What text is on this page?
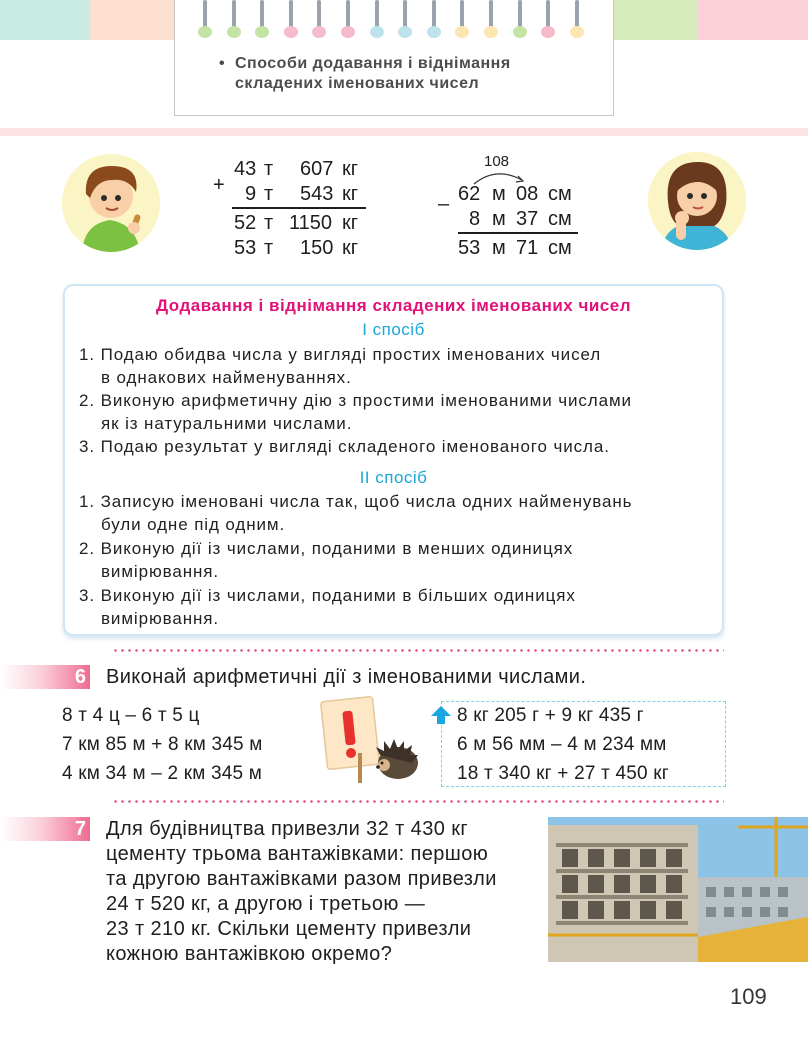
• Способи додавання і віднімання
складених іменованих чисел
+
43 т 607 кг
9 т 543 кг
52 т 1150 кг
53 т 150 кг
–
108
62 м 08 см
8 м 37 см
53 м 71 см
Додавання і віднімання складених іменованих чисел
І спосіб
1. Подаю обидва числа у вигляді простих іменованих чисел
в однакових найменуваннях.
2. Виконую арифметичну дію з простими іменованими числами
як із натуральними числами.
3. Подаю результат у вигляді складеного іменованого числа.
ІІ спосіб
1. Записую іменовані числа так, щоб числа одних найменувань
були одне під одним.
2. Виконую дії із числами, поданими в менших одиницях
вимірювання.
3. Виконую дії із числами, поданими в більших одиницях
вимірювання.
6 Виконай арифметичні дії з іменованими числами.
8 т 4 ц – 6 т 5 ц
7 км 85 м + 8 км 345 м
4 км 34 м – 2 км 345 м
8 кг 205 г + 9 кг 435 г
6 м 56 мм – 4 м 234 мм
18 т 340 кг + 27 т 450 кг
7 Для будівництва привезли 32 т 430 кг
цементу трьома вантажівками: першою
та другою вантажівками разом привезли
24 т 520 кг, а другою і третьою —
23 т 210 кг. Скільки цементу привезли
кожною вантажівкою окремо?
109
